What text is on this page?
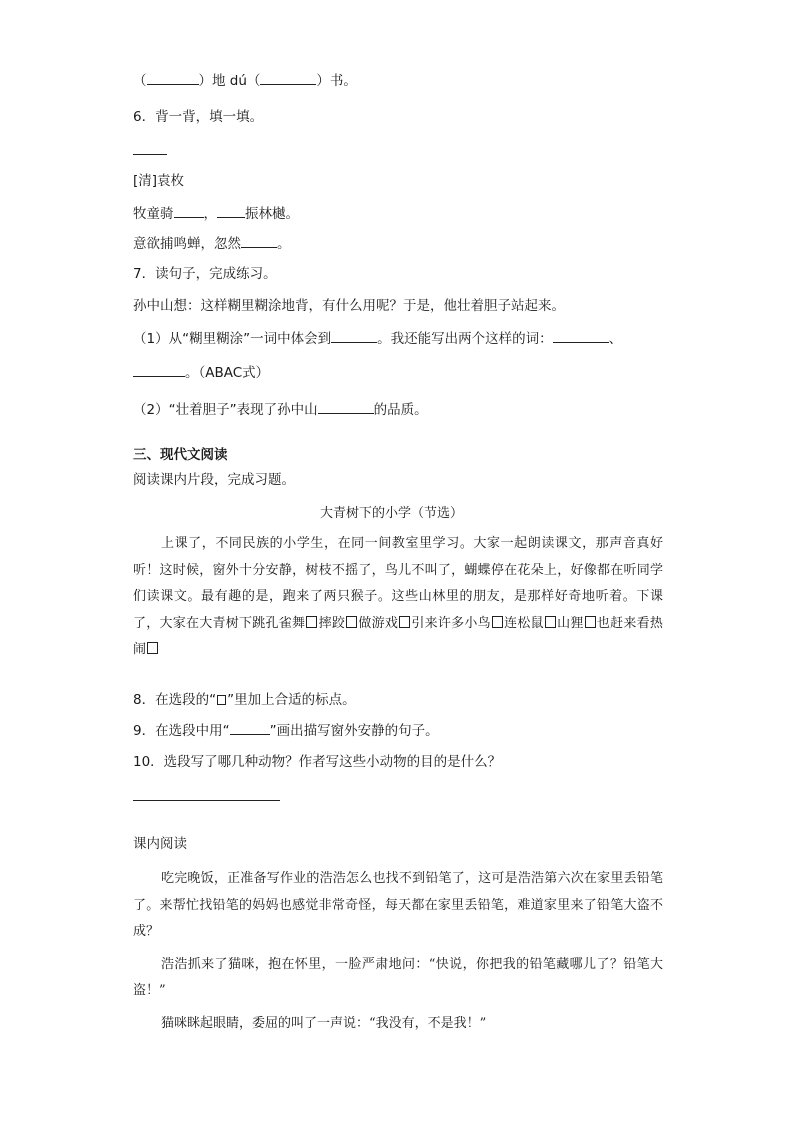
（	）地 dú（	）书。
6．背一背，填一填。
[清]袁枚
牧童骑 ， 振林樾。
意欲捕鸣蝉，忽然	。
7．读句子，完成练习。
孙中山想：这样糊里糊涂地背，有什么用呢？于是，他壮着胆子站起来。
（1）从“糊里糊涂”一词中体会到	。我还能写出两个这样的词：	、
。（ABAC式）
（2）“壮着胆子”表现了孙中山	的品质。
三、现代文阅读
阅读课内片段，完成习题。
大青树下的小学（节选）

上课了，不同民族的小学生，在同一间教室里学习。大家一起朗读课文，那声音真好听！这时候，窗外十分安静，树枝不摇了，鸟儿不叫了，蝴蝶停在花朵上，好像都在听同学们读课文。最有趣的是，跑来了两只猴子。这些山林里的朋友，是那样好奇地听着。下课了，大家在大青树下跳孔雀舞 摔跤 做游戏 引来许多小鸟 连松鼠 山狸 也赶来看热闹

8．在选段的“ ”里加上合适的标点。
9．在选段中用“	”画出描写窗外安静的句子。
10．选段写了哪几种动物？作者写这些小动物的目的是什么？
课内阅读

吃完晚饭，正准备写作业的浩浩怎么也找不到铅笔了，这可是浩浩第六次在家里丢铅笔了。来帮忙找铅笔的妈妈也感觉非常奇怪，每天都在家里丢铅笔，难道家里来了铅笔大盗不成？

浩浩抓来了猫咪，抱在怀里，一脸严肃地问：“快说，你把我的铅笔藏哪儿了？铅笔大盗！”

猫咪眯起眼睛，委屈的叫了一声说：“我没有，不是我！”
